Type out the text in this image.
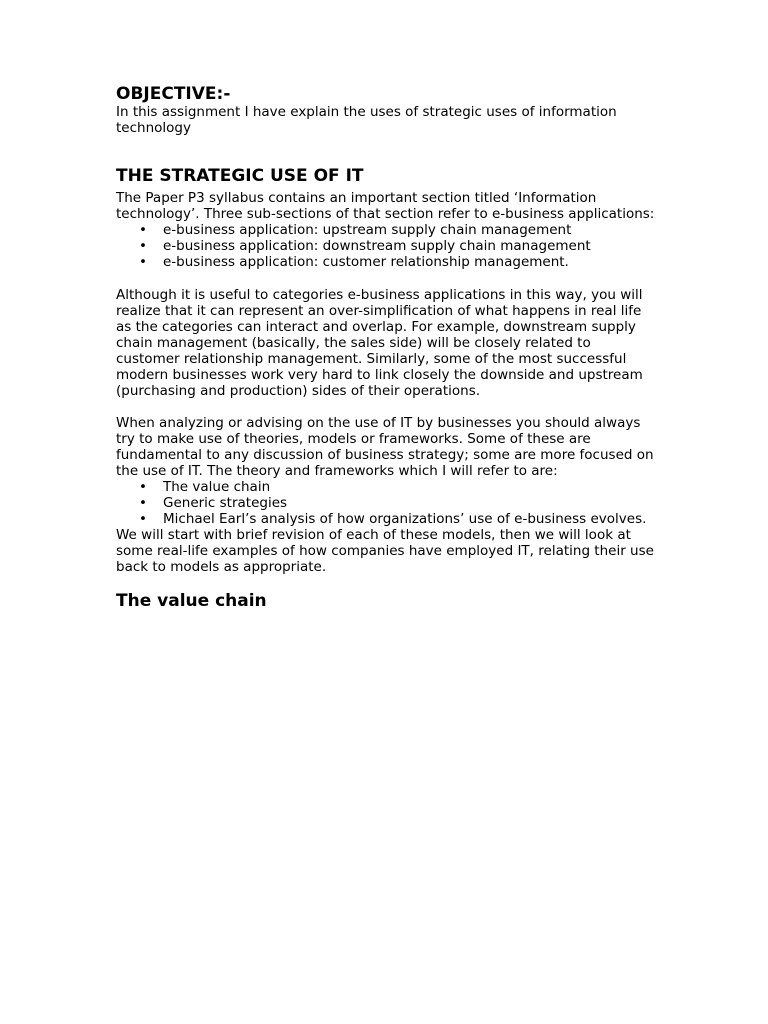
OBJECTIVE:-

In this assignment I have explain the uses of strategic uses of information technology

THE STRATEGIC USE OF IT

The Paper P3 syllabus contains an important section titled ‘Information technology’. Three sub-sections of that section refer to e-business applications:

• e-business application: upstream supply chain management
• e-business application: downstream supply chain management
• e-business application: customer relationship management.

Although it is useful to categories e-business applications in this way, you will realize that it can represent an over-simplification of what happens in real life as the categories can interact and overlap. For example, downstream supply chain management (basically, the sales side) will be closely related to customer relationship management. Similarly, some of the most successful modern businesses work very hard to link closely the downside and upstream (purchasing and production) sides of their operations.

When analyzing or advising on the use of IT by businesses you should always try to make use of theories, models or frameworks. Some of these are fundamental to any discussion of business strategy; some are more focused on the use of IT. The theory and frameworks which I will refer to are:

• The value chain
• Generic strategies
• Michael Earl’s analysis of how organizations’ use of e-business evolves.

We will start with brief revision of each of these models, then we will look at some real-life examples of how companies have employed IT, relating their use back to models as appropriate.

The value chain
